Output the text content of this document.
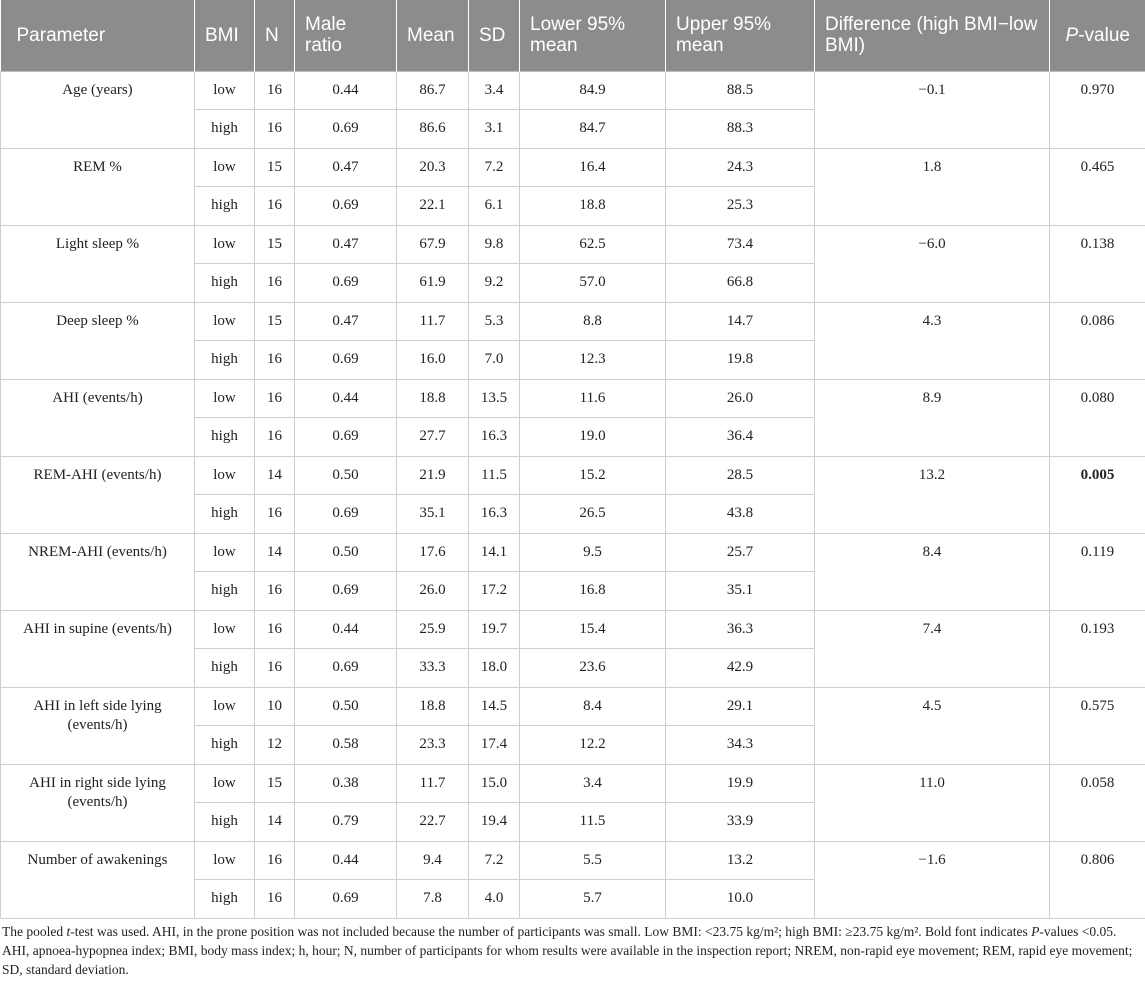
Parameter	BMI	N	Male ratio	Mean	SD	Lower 95% mean	Upper 95% mean	Difference (high BMI−low BMI)	P-value
Age (years)	low	16	0.44	86.7	3.4	84.9	88.5	−0.1	0.970
	high	16	0.69	86.6	3.1	84.7	88.3		
REM %	low	15	0.47	20.3	7.2	16.4	24.3	1.8	0.465
	high	16	0.69	22.1	6.1	18.8	25.3		
Light sleep %	low	15	0.47	67.9	9.8	62.5	73.4	−6.0	0.138
	high	16	0.69	61.9	9.2	57.0	66.8		
Deep sleep %	low	15	0.47	11.7	5.3	8.8	14.7	4.3	0.086
	high	16	0.69	16.0	7.0	12.3	19.8		
AHI (events/h)	low	16	0.44	18.8	13.5	11.6	26.0	8.9	0.080
	high	16	0.69	27.7	16.3	19.0	36.4		
REM-AHI (events/h)	low	14	0.50	21.9	11.5	15.2	28.5	13.2	0.005
	high	16	0.69	35.1	16.3	26.5	43.8		
NREM-AHI (events/h)	low	14	0.50	17.6	14.1	9.5	25.7	8.4	0.119
	high	16	0.69	26.0	17.2	16.8	35.1		
AHI in supine (events/h)	low	16	0.44	25.9	19.7	15.4	36.3	7.4	0.193
	high	16	0.69	33.3	18.0	23.6	42.9		
AHI in left side lying (events/h)	low	10	0.50	18.8	14.5	8.4	29.1	4.5	0.575
	high	12	0.58	23.3	17.4	12.2	34.3		
AHI in right side lying (events/h)	low	15	0.38	11.7	15.0	3.4	19.9	11.0	0.058
	high	14	0.79	22.7	19.4	11.5	33.9		
Number of awakenings	low	16	0.44	9.4	7.2	5.5	13.2	−1.6	0.806
	high	16	0.69	7.8	4.0	5.7	10.0		

The pooled t-test was used. AHI, in the prone position was not included because the number of participants was small. Low BMI: <23.75 kg/m²; high BMI: ≥23.75 kg/m². Bold font indicates P-values <0.05.

AHI, apnoea-hypopnea index; BMI, body mass index; h, hour; N, number of participants for whom results were available in the inspection report; NREM, non-rapid eye movement; REM, rapid eye movement; SD, standard deviation.
